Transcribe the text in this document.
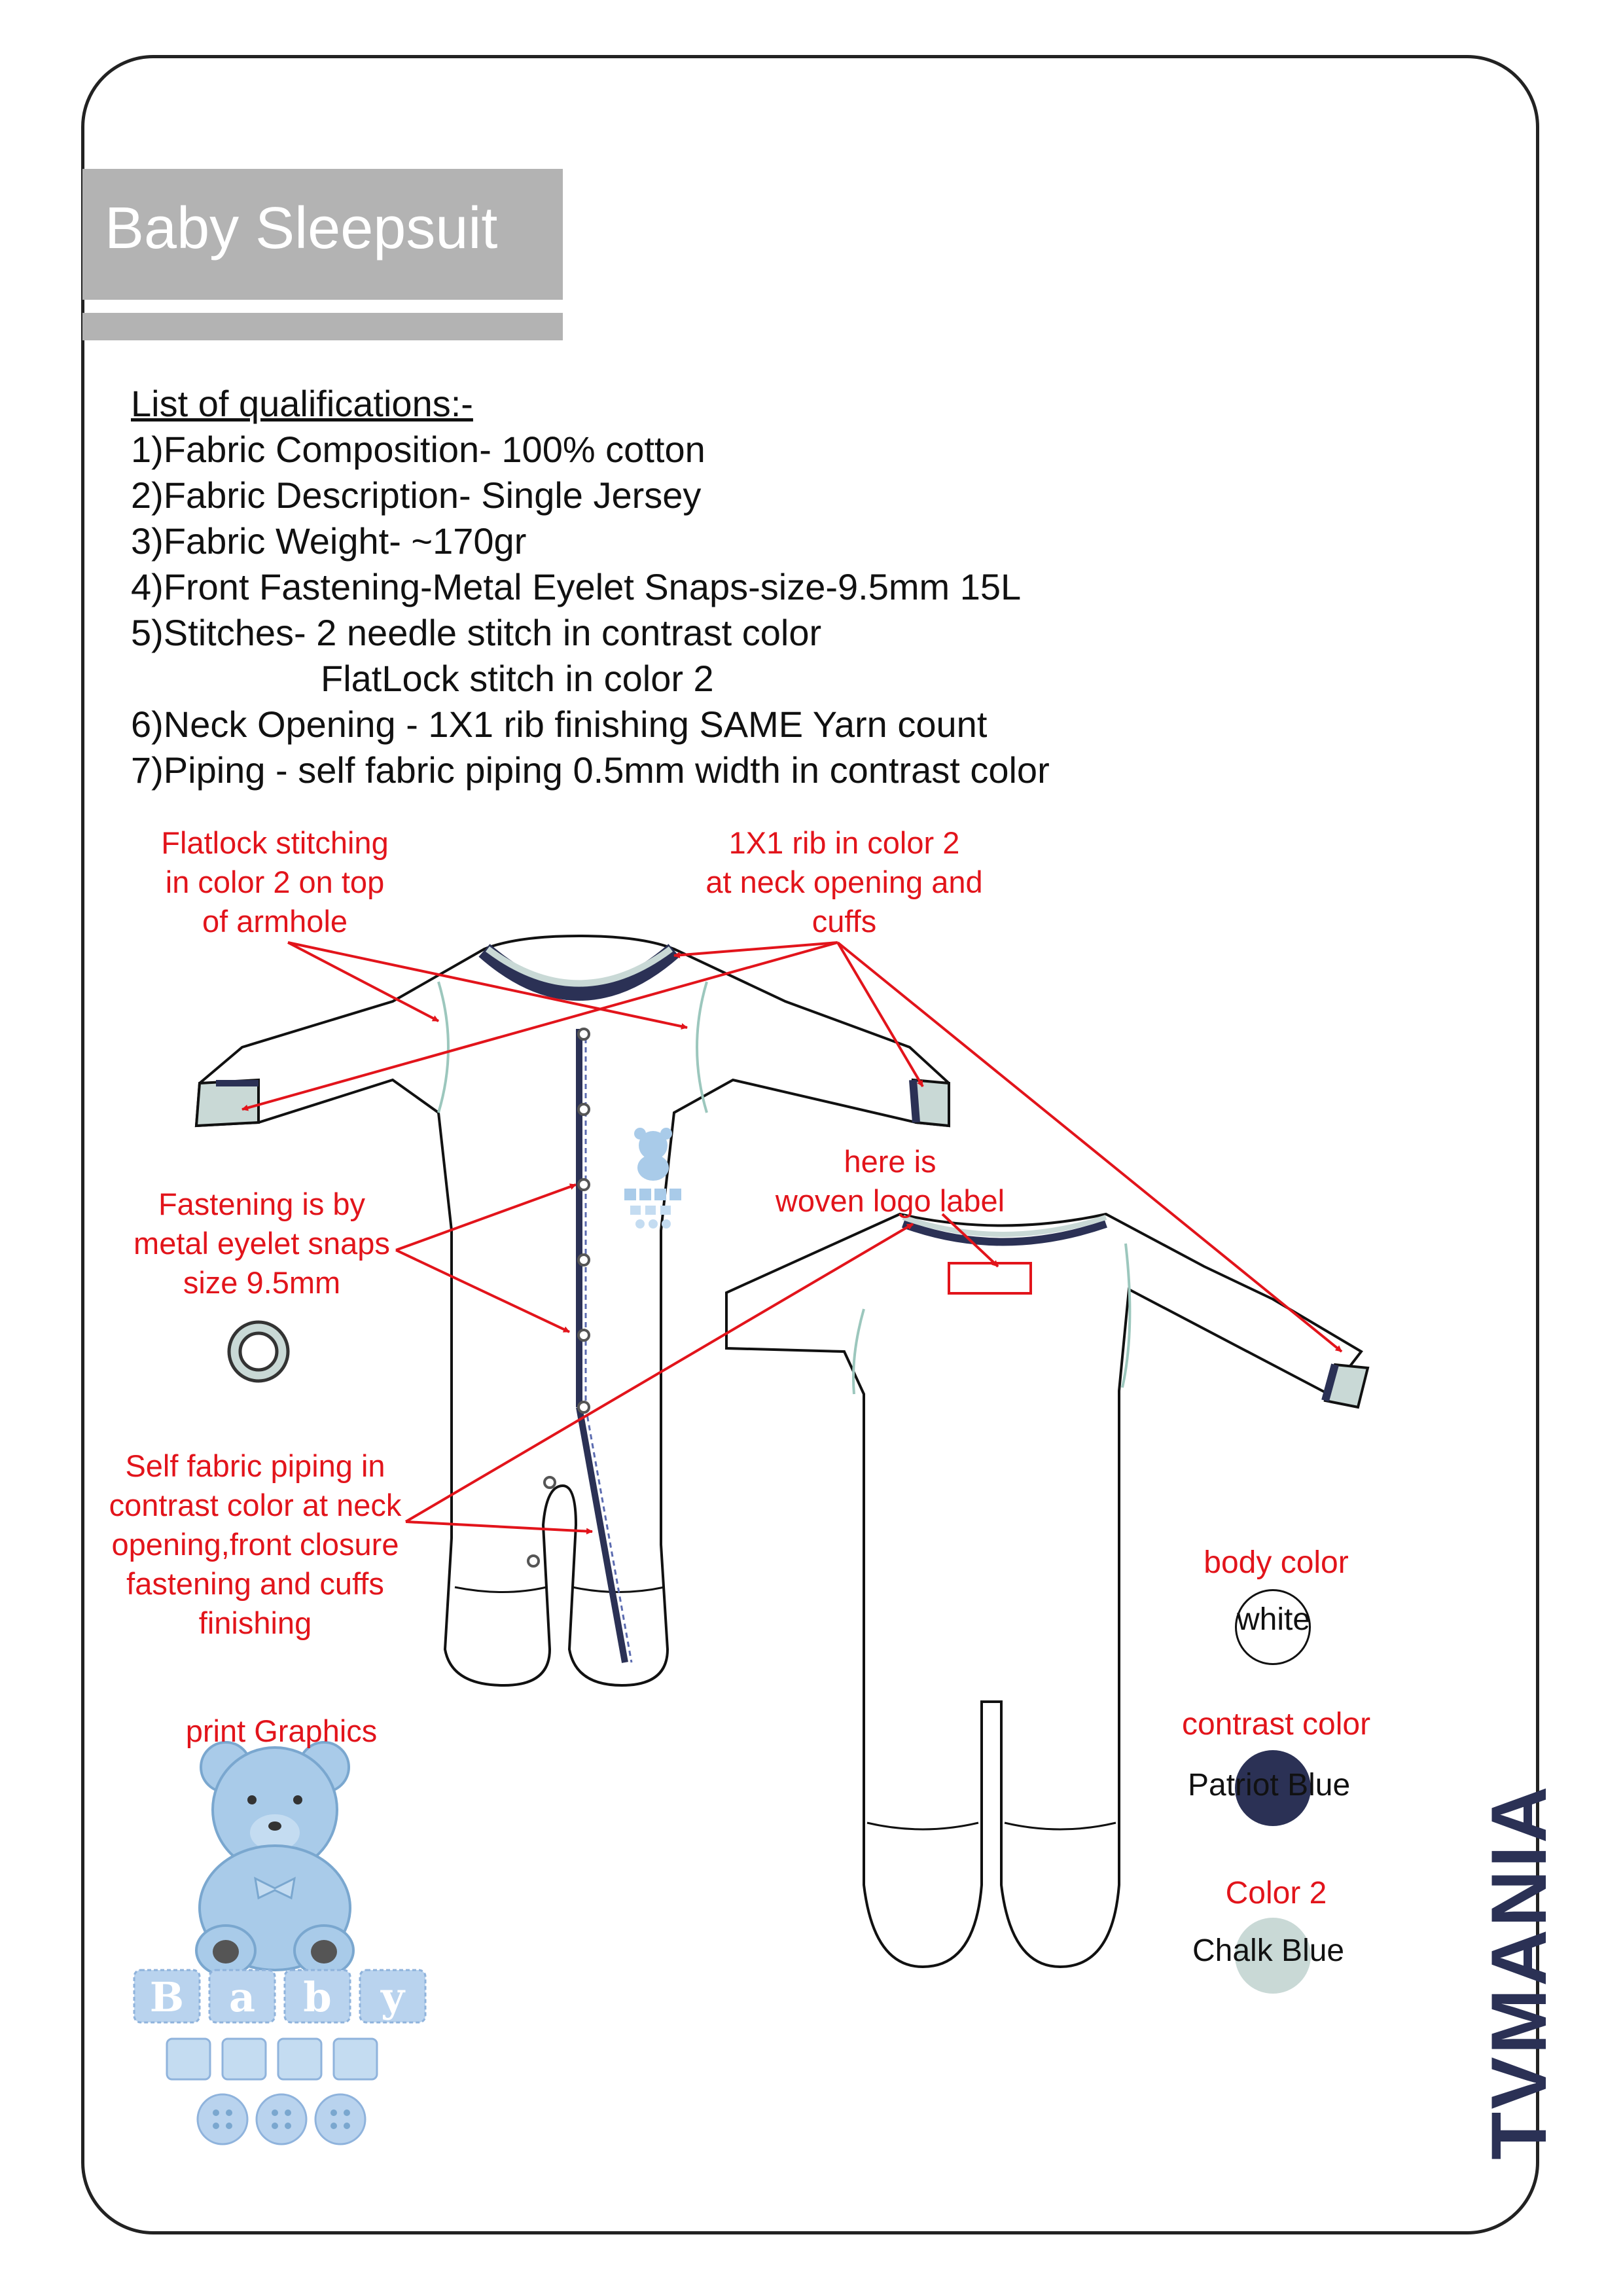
Baby Sleepsuit
List of qualifications:-
1)Fabric Composition- 100% cotton
2)Fabric Description- Single Jersey
3)Fabric Weight- ~170gr
4)Front Fastening-Metal Eyelet Snaps-size-9.5mm 15L
5)Stitches- 2 needle stitch in contrast color
FlatLock stitch in color 2
6)Neck Opening - 1X1 rib finishing SAME Yarn count
7)Piping - self fabric piping 0.5mm width in contrast color
B a b y
Flatlock stitching
in color 2 on top
of armhole
1X1 rib in color 2
at neck opening and
cuffs
Fastening is by
metal eyelet snaps
size 9.5mm
here is
woven logo label
Self fabric piping in
contrast color at neck
opening,front closure
fastening and cuffs
finishing
print Graphics
body color
white
contrast color
Patriot Blue
Color 2
Chalk Blue TVMANIA
